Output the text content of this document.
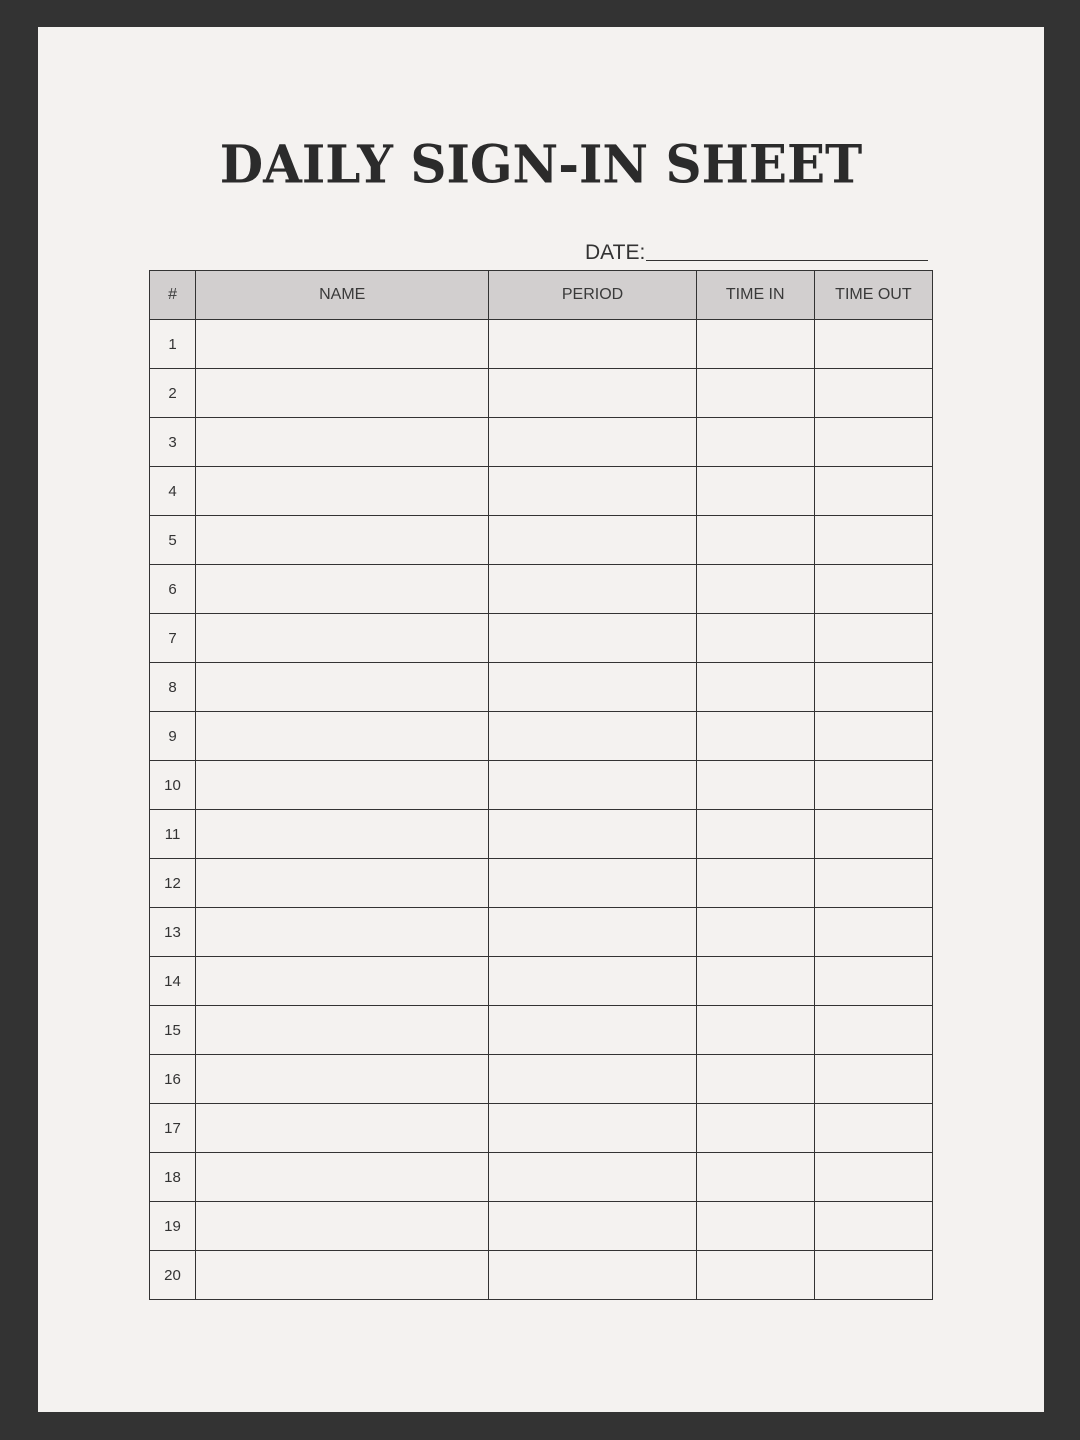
DAILY SIGN-IN SHEET
DATE:
#	NAME	PERIOD	TIME IN	TIME OUT
1				
2				
3				
4				
5				
6				
7				
8				
9				
10				
11				
12				
13				
14				
15				
16				
17				
18				
19				
20				
